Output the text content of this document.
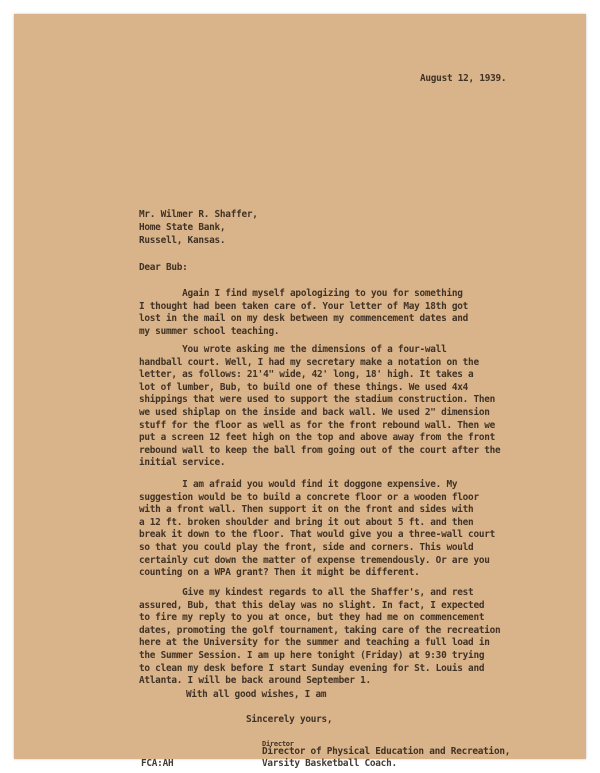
August 12, 1939.
Mr. Wilmer R. Shaffer,
Home State Bank,
Russell, Kansas.
Dear Bub:
Again I find myself apologizing to you for something
I thought had been taken care of. Your letter of May 18th got
lost in the mail on my desk between my commencement dates and
my summer school teaching.
You wrote asking me the dimensions of a four-wall
handball court. Well, I had my secretary make a notation on the
letter, as follows: 21'4" wide, 42' long, 18' high. It takes a
lot of lumber, Bub, to build one of these things. We used 4x4
shippings that were used to support the stadium construction. Then
we used shiplap on the inside and back wall. We used 2" dimension
stuff for the floor as well as for the front rebound wall. Then we
put a screen 12 feet high on the top and above away from the front
rebound wall to keep the ball from going out of the court after the
initial service.
I am afraid you would find it doggone expensive. My
suggestion would be to build a concrete floor or a wooden floor
with a front wall. Then support it on the front and sides with
a 12 ft. broken shoulder and bring it out about 5 ft. and then
break it down to the floor. That would give you a three-wall court
so that you could play the front, side and corners. This would
certainly cut down the matter of expense tremendously. Or are you
counting on a WPA grant? Then it might be different.
Give my kindest regards to all the Shaffer's, and rest
assured, Bub, that this delay was no slight. In fact, I expected
to fire my reply to you at once, but they had me on commencement
dates, promoting the golf tournament, taking care of the recreation
here at the University for the summer and teaching a full load in
the Summer Session. I am up here tonight (Friday) at 9:30 trying
to clean my desk before I start Sunday evening for St. Louis and
Atlanta. I will be back around September 1.
With all good wishes, I am
Sincerely yours,
Director
Director of Physical Education and Recreation,
Varsity Basketball Coach.
FCA:AH
